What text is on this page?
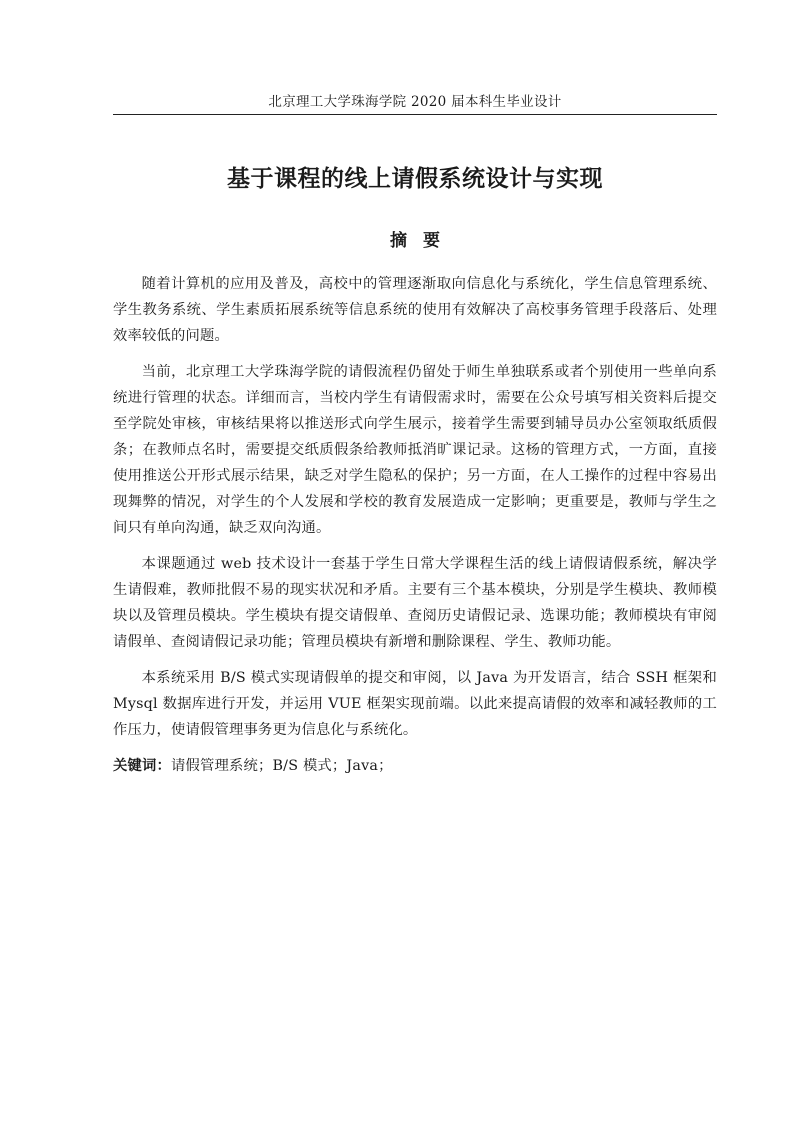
北京理工大学珠海学院 2020 届本科生毕业设计
基于课程的线上请假系统设计与实现
摘要

随着计算机的应用及普及，高校中的管理逐渐取向信息化与系统化，学生信息管理系统、学生教务系统、学生素质拓展系统等信息系统的使用有效解决了高校事务管理手段落后、处理效率较低的问题。

当前，北京理工大学珠海学院的请假流程仍留处于师生单独联系或者个别使用一些单向系统进行管理的状态。详细而言，当校内学生有请假需求时，需要在公众号填写相关资料后提交至学院处审核，审核结果将以推送形式向学生展示，接着学生需要到辅导员办公室领取纸质假条；在教师点名时，需要提交纸质假条给教师抵消旷课记录。这杨的管理方式，一方面，直接使用推送公开形式展示结果，缺乏对学生隐私的保护；另一方面，在人工操作的过程中容易出现舞弊的情况，对学生的个人发展和学校的教育发展造成一定影响；更重要是，教师与学生之间只有单向沟通，缺乏双向沟通。

本课题通过 web 技术设计一套基于学生日常大学课程生活的线上请假请假系统，解决学生请假难，教师批假不易的现实状况和矛盾。主要有三个基本模块，分别是学生模块、教师模块以及管理员模块。学生模块有提交请假单、查阅历史请假记录、选课功能；教师模块有审阅请假单、查阅请假记录功能；管理员模块有新增和删除课程、学生、教师功能。

本系统采用 B/S 模式实现请假单的提交和审阅，以 Java 为开发语言，结合 SSH 框架和 Mysql 数据库进行开发，并运用 VUE 框架实现前端。以此来提高请假的效率和减轻教师的工作压力，使请假管理事务更为信息化与系统化。

关键词：请假管理系统；B/S 模式；Java；
